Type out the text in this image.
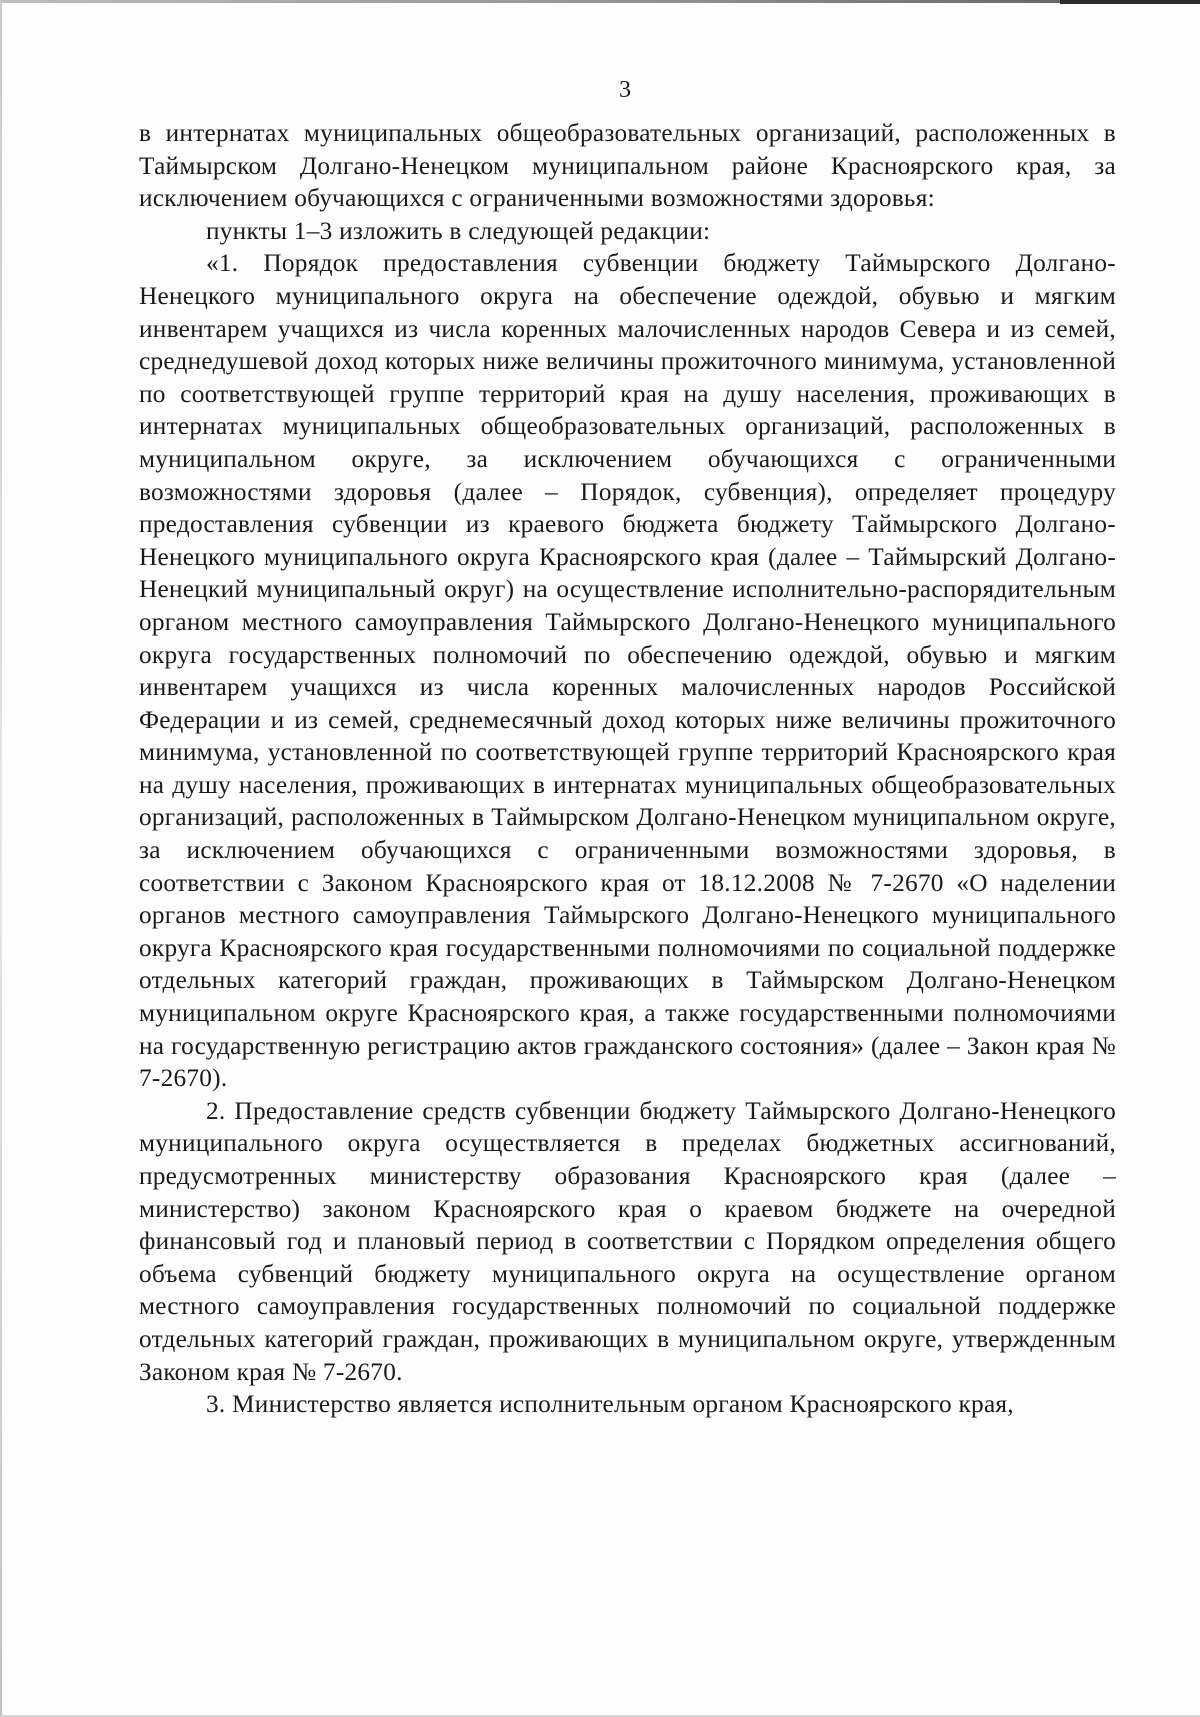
3

в интернатах муниципальных общеобразовательных организаций, расположенных в Таймырском Долгано-Ненецком муниципальном районе Красноярского края, за исключением обучающихся с ограниченными возможностями здоровья:

пункты 1–3 изложить в следующей редакции:

«1. Порядок предоставления субвенции бюджету Таймырского Долгано-Ненецкого муниципального округа на обеспечение одеждой, обувью и мягким инвентарем учащихся из числа коренных малочисленных народов Севера и из семей, среднедушевой доход которых ниже величины прожиточного минимума, установленной по соответствующей группе территорий края на душу населения, проживающих в интернатах муниципальных общеобразовательных организаций, расположенных в муниципальном округе, за исключением обучающихся с ограниченными возможностями здоровья (далее – Порядок, субвенция), определяет процедуру предоставления субвенции из краевого бюджета бюджету Таймырского Долгано-Ненецкого муниципального округа Красноярского края (далее – Таймырский Долгано-Ненецкий муниципальный округ) на осуществление исполнительно-распорядительным органом местного самоуправления Таймырского Долгано-Ненецкого муниципального округа государственных полномочий по обеспечению одеждой, обувью и мягким инвентарем учащихся из числа коренных малочисленных народов Российской Федерации и из семей, среднемесячный доход которых ниже величины прожиточного минимума, установленной по соответствующей группе территорий Красноярского края на душу населения, проживающих в интернатах муниципальных общеобразовательных организаций, расположенных в Таймырском Долгано-Ненецком муниципальном округе, за исключением обучающихся с ограниченными возможностями здоровья, в соответствии с Законом Красноярского края от 18.12.2008 № 7-2670 «О наделении органов местного самоуправления Таймырского Долгано-Ненецкого муниципального округа Красноярского края государственными полномочиями по социальной поддержке отдельных категорий граждан, проживающих в Таймырском Долгано-Ненецком муниципальном округе Красноярского края, а также государственными полномочиями на государственную регистрацию актов гражданского состояния» (далее – Закон края № 7-2670).

2. Предоставление средств субвенции бюджету Таймырского Долгано-Ненецкого муниципального округа осуществляется в пределах бюджетных ассигнований, предусмотренных министерству образования Красноярского края (далее – министерство) законом Красноярского края о краевом бюджете на очередной финансовый год и плановый период в соответствии с Порядком определения общего объема субвенций бюджету муниципального округа на осуществление органом местного самоуправления государственных полномочий по социальной поддержке отдельных категорий граждан, проживающих в муниципальном округе, утвержденным Законом края № 7-2670.

3. Министерство является исполнительным органом Красноярского края,
